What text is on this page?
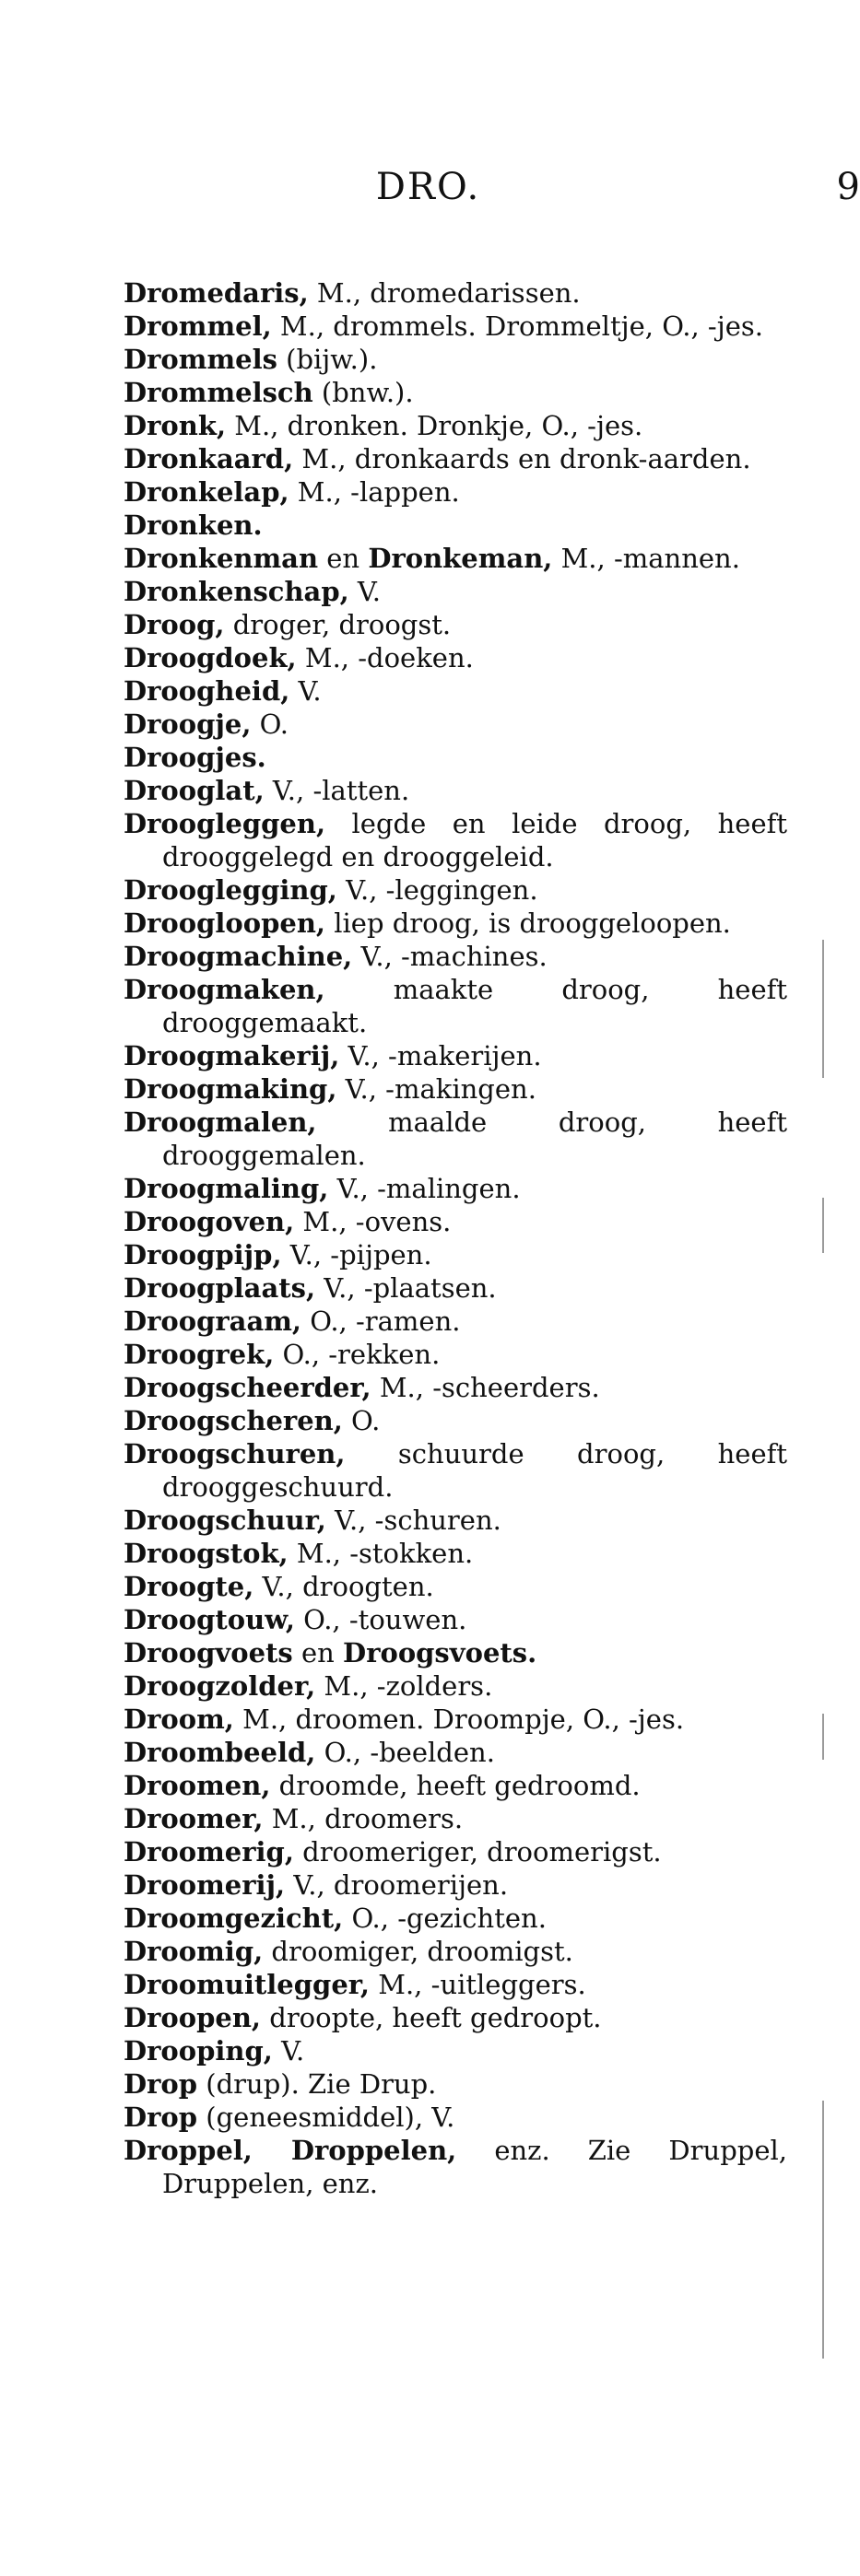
DRO.	9
Dromedaris, M., dromedarissen.
Drommel, M., drommels. Drommeltje, O., -jes.
Drommels (bijw.).
Drommelsch (bnw.).
Dronk, M., dronken. Dronkje, O., -jes.
Dronkaard, M., dronkaards en dronk-aarden.
Dronkelap, M., -lappen.
Dronken.
Dronkenman en Dronkeman, M., -mannen.
Dronkenschap, V.
Droog, droger, droogst.
Droogdoek, M., -doeken.
Droogheid, V.
Droogje, O.
Droogjes.
Drooglat, V., -latten.
Droogleggen, legde en leide droog, heeft drooggelegd en drooggeleid.
Drooglegging, V., -leggingen.
Droogloopen, liep droog, is drooggeloopen.
Droogmachine, V., -machines.
Droogmaken, maakte droog, heeft drooggemaakt.
Droogmakerij, V., -makerijen.
Droogmaking, V., -makingen.
Droogmalen, maalde droog, heeft drooggemalen.
Droogmaling, V., -malingen.
Droogoven, M., -ovens.
Droogpijp, V., -pijpen.
Droogplaats, V., -plaatsen.
Droograam, O., -ramen.
Droogrek, O., -rekken.
Droogscheerder, M., -scheerders.
Droogscheren, O.
Droogschuren, schuurde droog, heeft drooggeschuurd.
Droogschuur, V., -schuren.
Droogstok, M., -stokken.
Droogte, V., droogten.
Droogtouw, O., -touwen.
Droogvoets en Droogsvoets.
Droogzolder, M., -zolders.
Droom, M., droomen. Droompje, O., -jes.
Droombeeld, O., -beelden.
Droomen, droomde, heeft gedroomd.
Droomer, M., droomers.
Droomerig, droomeriger, droomerigst.
Droomerij, V., droomerijen.
Droomgezicht, O., -gezichten.
Droomig, droomiger, droomigst.
Droomuitlegger, M., -uitleggers.
Droopen, droopte, heeft gedroopt.
Drooping, V.
Drop (drup). Zie Drup.
Drop (geneesmiddel), V.
Droppel, Droppelen, enz. Zie Druppel, Druppelen, enz.
